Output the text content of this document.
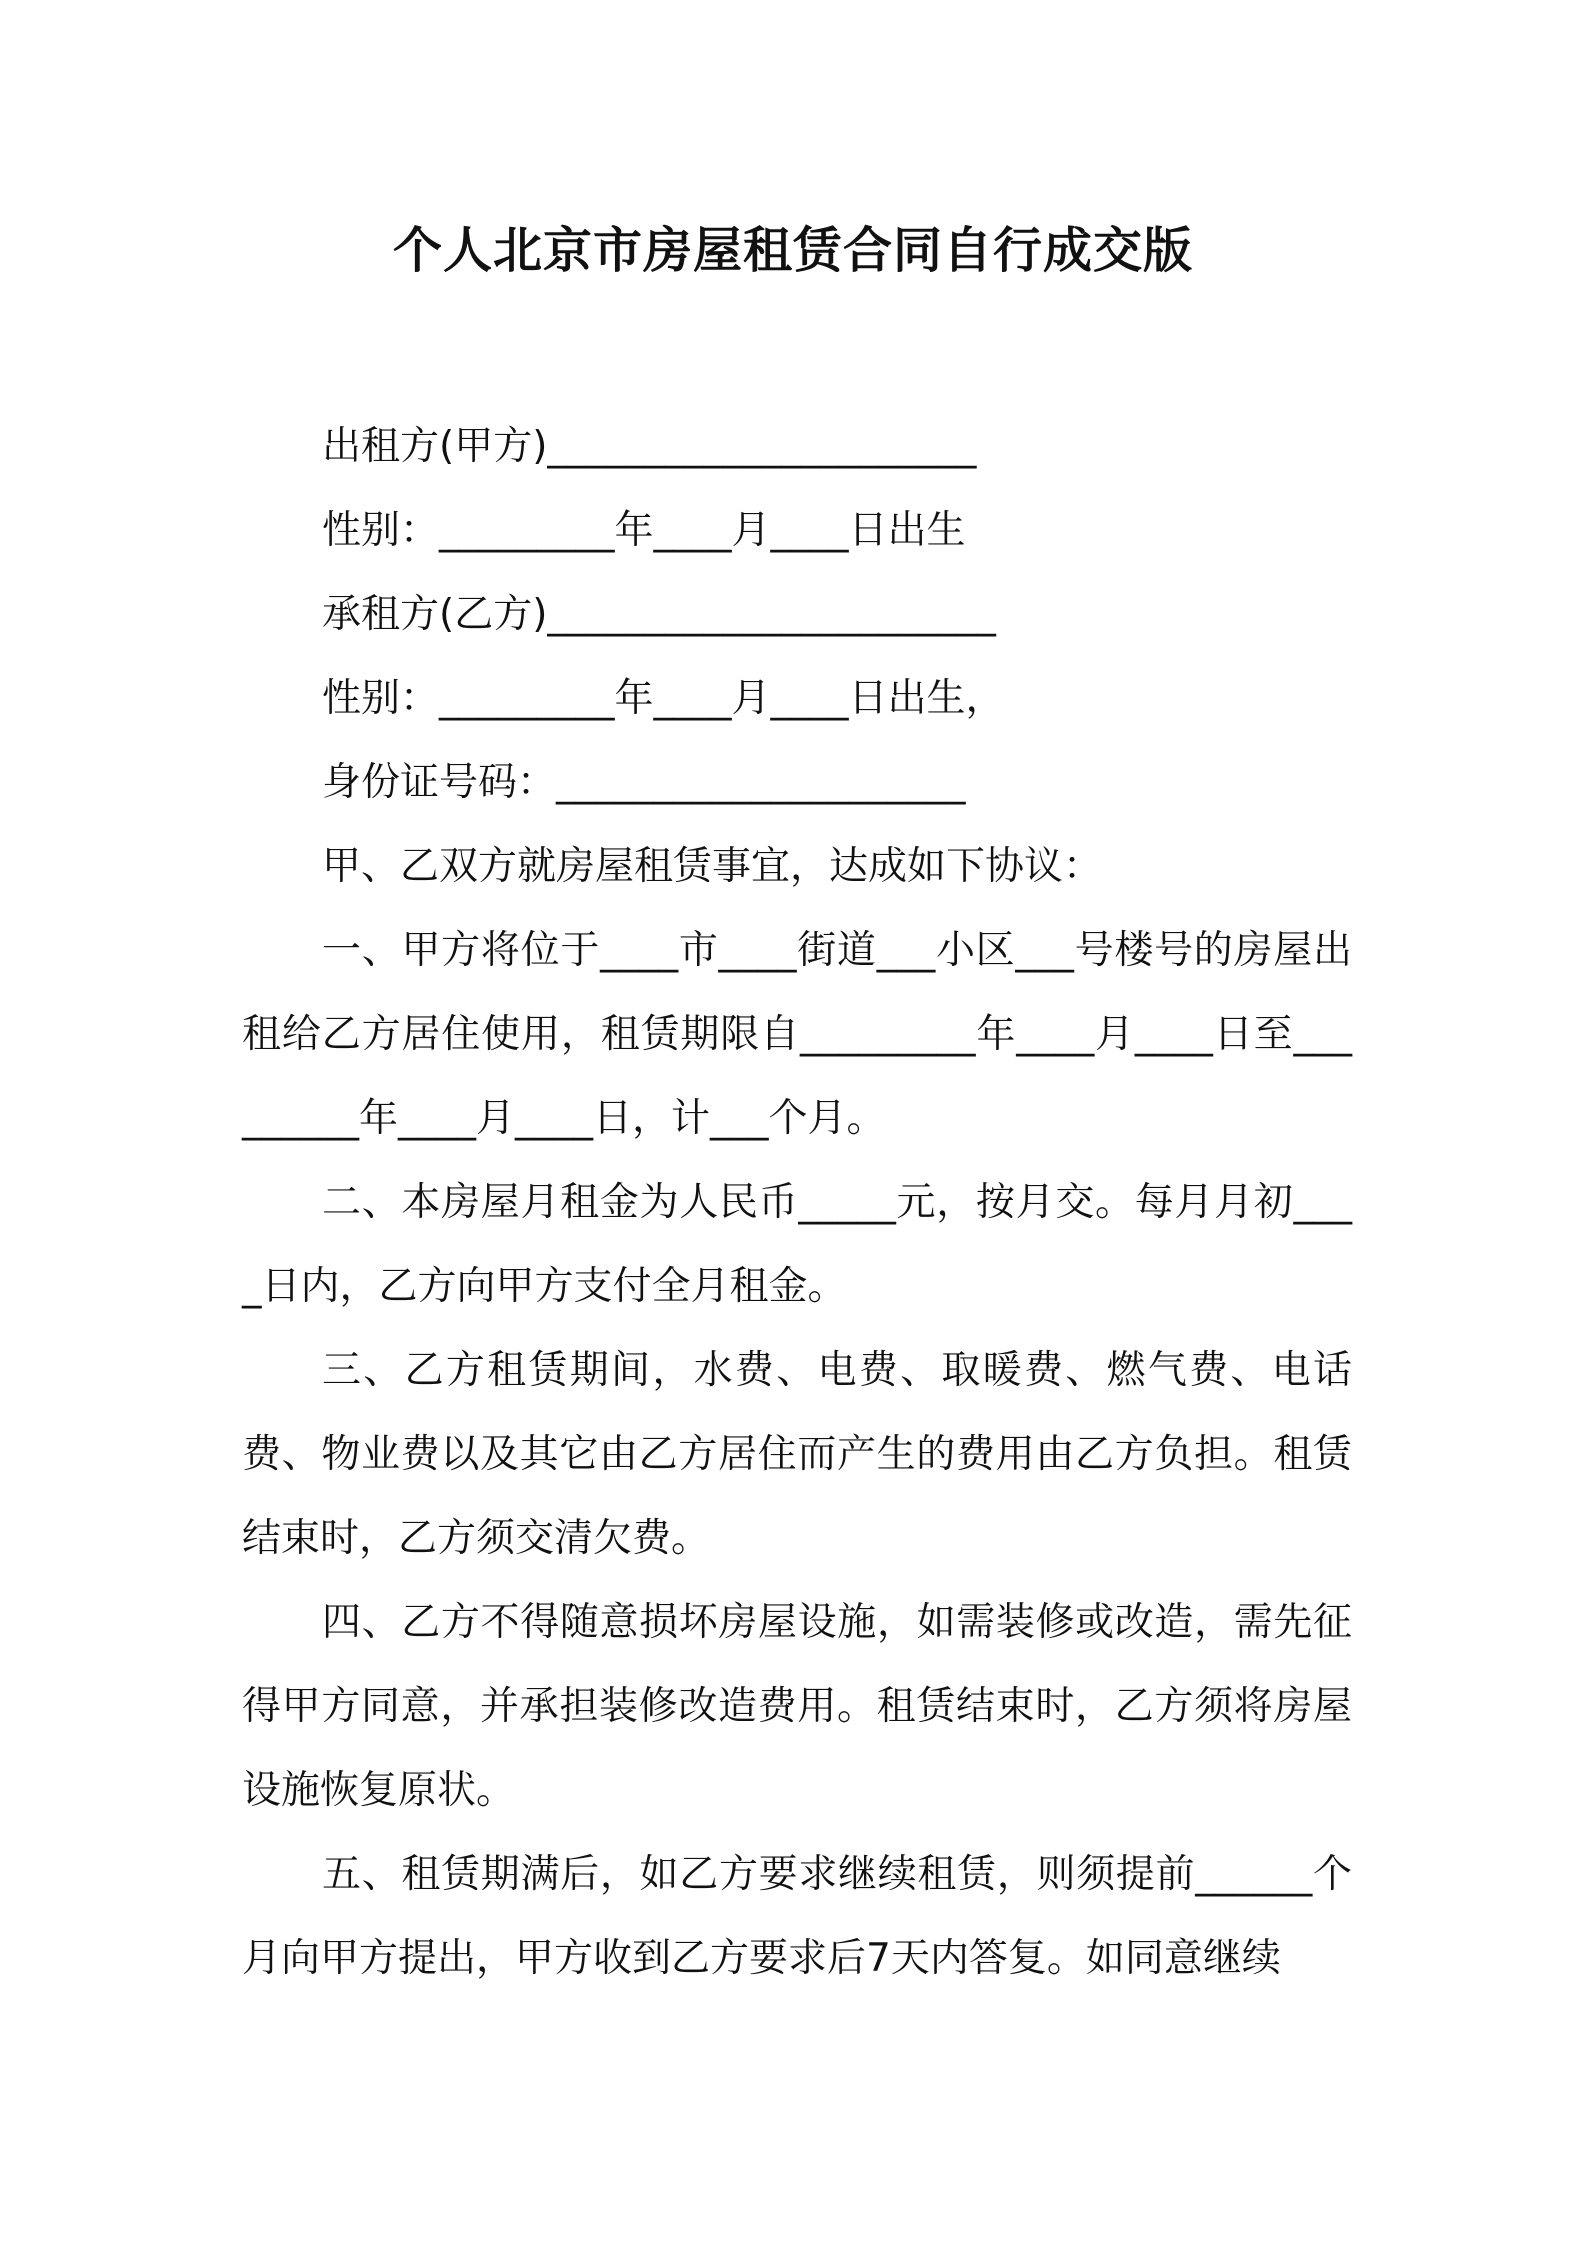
个人北京市房屋租赁合同自行成交版
出租方(甲方)______________________
性别：_________年____月____日出生
承租方(乙方)_______________________
性别：_________年____月____日出生，
身份证号码：_____________________
甲、乙双方就房屋租赁事宜，达成如下协议：
一、甲方将位于____市____街道___小区___号楼号的房屋出租给乙方居住使用，租赁期限自_________年____月____日至_________年____月____日，计___个月。
二、本房屋月租金为人民币_____元，按月交。每月月初____日内，乙方向甲方支付全月租金。
三、乙方租赁期间，水费、电费、取暖费、燃气费、电话费、物业费以及其它由乙方居住而产生的费用由乙方负担。租赁结束时，乙方须交清欠费。
四、乙方不得随意损坏房屋设施，如需装修或改造，需先征得甲方同意，并承担装修改造费用。租赁结束时，乙方须将房屋设施恢复原状。
五、租赁期满后，如乙方要求继续租赁，则须提前______个月向甲方提出，甲方收到乙方要求后7天内答复。如同意继续
